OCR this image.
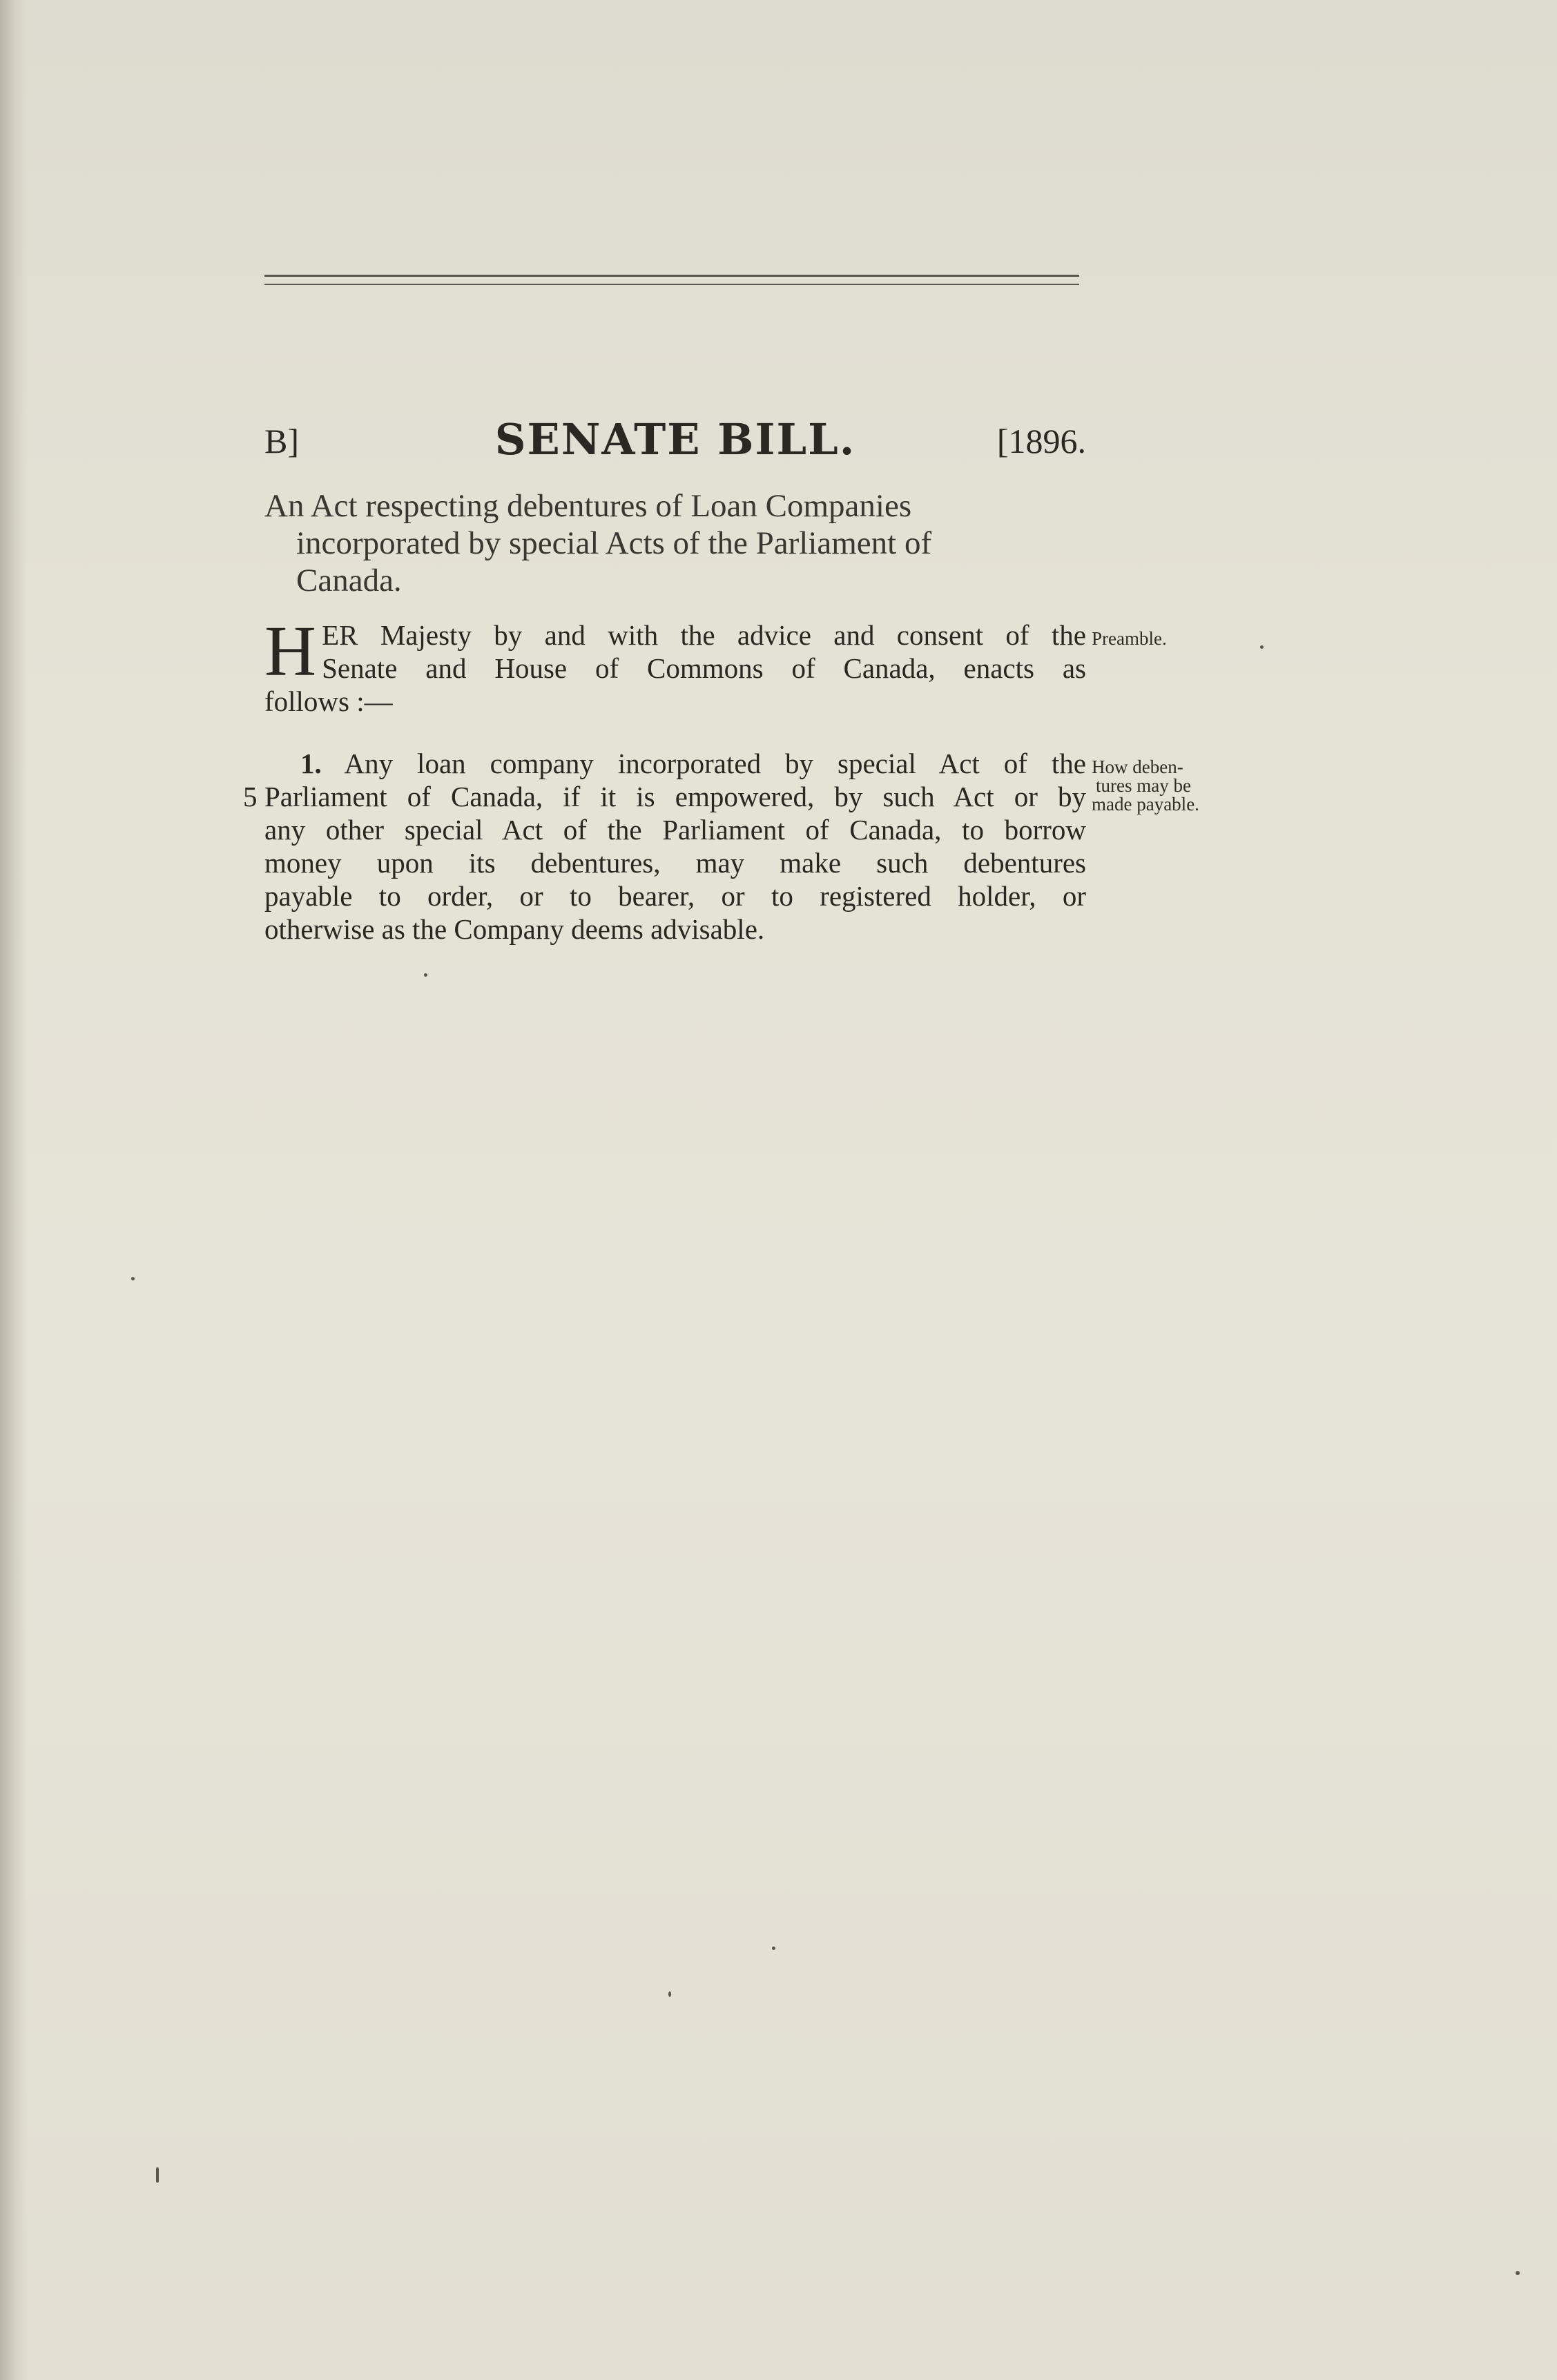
B]	SENATE BILL.	[1896.
An Act respecting debentures of Loan Companies
incorporated by special Acts of the Parliament of
Canada.
H ER Majesty by and with the advice and consent of the
Senate and House of Commons of Canada, enacts as
follows :—
Preamble.
5
1. Any loan company incorporated by special Act of the
Parliament of Canada, if it is empowered, by such Act or by
any other special Act of the Parliament of Canada, to borrow
money upon its debentures, may make such debentures
payable to order, or to bearer, or to registered holder, or
otherwise as the Company deems advisable.
How deben-
tures may be
made payable.
